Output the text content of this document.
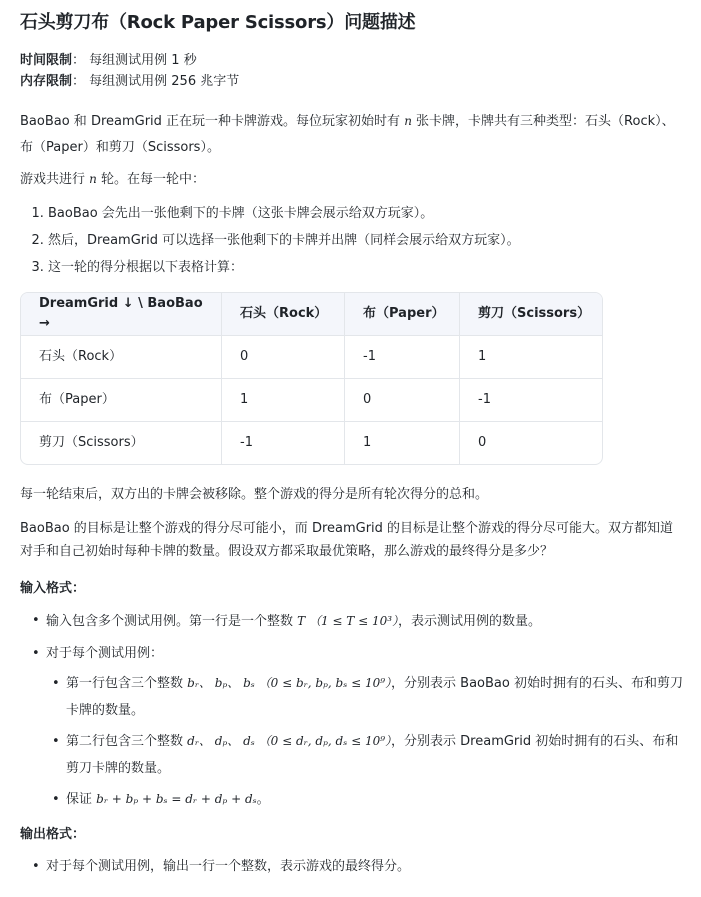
石头剪刀布（Rock Paper Scissors）问题描述

时间限制： 每组测试用例 1 秒

内存限制： 每组测试用例 256 兆字节

BaoBao 和 DreamGrid 正在玩一种卡牌游戏。每位玩家初始时有 n 张卡牌，卡牌共有三种类型：石头（Rock）、布（Paper）和剪刀（Scissors）。

游戏共进行 n 轮。在每一轮中：

1. BaoBao 会先出一张他剩下的卡牌（这张卡牌会展示给双方玩家）。
2. 然后，DreamGrid 可以选择一张他剩下的卡牌并出牌（同样会展示给双方玩家）。
3. 这一轮的得分根据以下表格计算：
DreamGrid ↓ \ BaoBao →	石头（Rock）	布（Paper）	剪刀（Scissors）
石头（Rock）	0	-1	1
布（Paper）	1	0	-1
剪刀（Scissors）	-1	1	0

每一轮结束后，双方出的卡牌会被移除。整个游戏的得分是所有轮次得分的总和。

BaoBao 的目标是让整个游戏的得分尽可能小，而 DreamGrid 的目标是让整个游戏的得分尽可能大。双方都知道对手和自己初始时每种卡牌的数量。假设双方都采取最优策略，那么游戏的最终得分是多少？

输入格式：
• 输入包含多个测试用例。第一行是一个整数 T （1 ≤ T ≤ 10³），表示测试用例的数量。
• 对于每个测试用例：
• 第一行包含三个整数 bᵣ、 bₚ、 bₛ （0 ≤ bᵣ, bₚ, bₛ ≤ 10⁹），分别表示 BaoBao 初始时拥有的石头、布和剪刀卡牌的数量。
• 第二行包含三个整数 dᵣ、 dₚ、 dₛ （0 ≤ dᵣ, dₚ, dₛ ≤ 10⁹），分别表示 DreamGrid 初始时拥有的石头、布和剪刀卡牌的数量。
• 保证 bᵣ + bₚ + bₛ = dᵣ + dₚ + dₛ。
输出格式：
• 对于每个测试用例，输出一行一个整数，表示游戏的最终得分。
